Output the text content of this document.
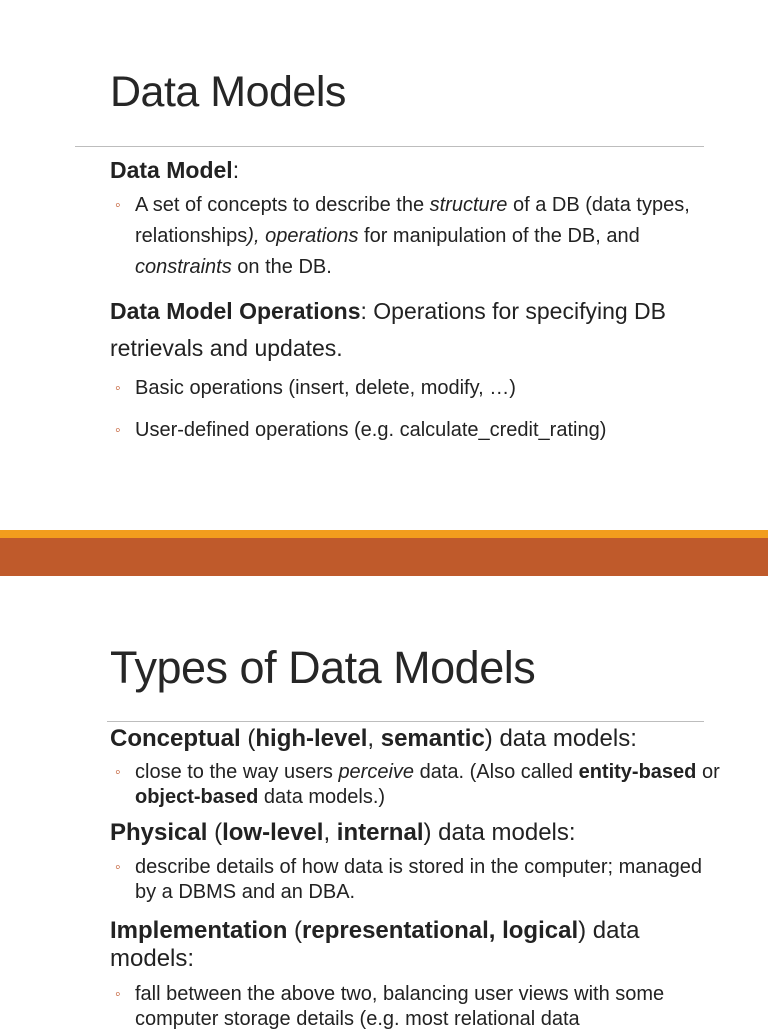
Data Models

Data Model:

◦ A set of concepts to describe the structure of a DB (data types, relationships), operations for manipulation of the DB, and constraints on the DB.

Data Model Operations: Operations for specifying DB retrievals and updates.

◦ Basic operations (insert, delete, modify, …)
◦ User-defined operations (e.g. calculate_credit_rating)
Types of Data Models

Conceptual (high-level, semantic) data models:

◦ close to the way users perceive data. (Also called entity-based or object-based data models.)

Physical (low-level, internal) data models:

◦ describe details of how data is stored in the computer; managed by a DBMS and an DBA.

Implementation (representational, logical) data models:

◦ fall between the above two, balancing user views with some computer storage details (e.g. most relational data
